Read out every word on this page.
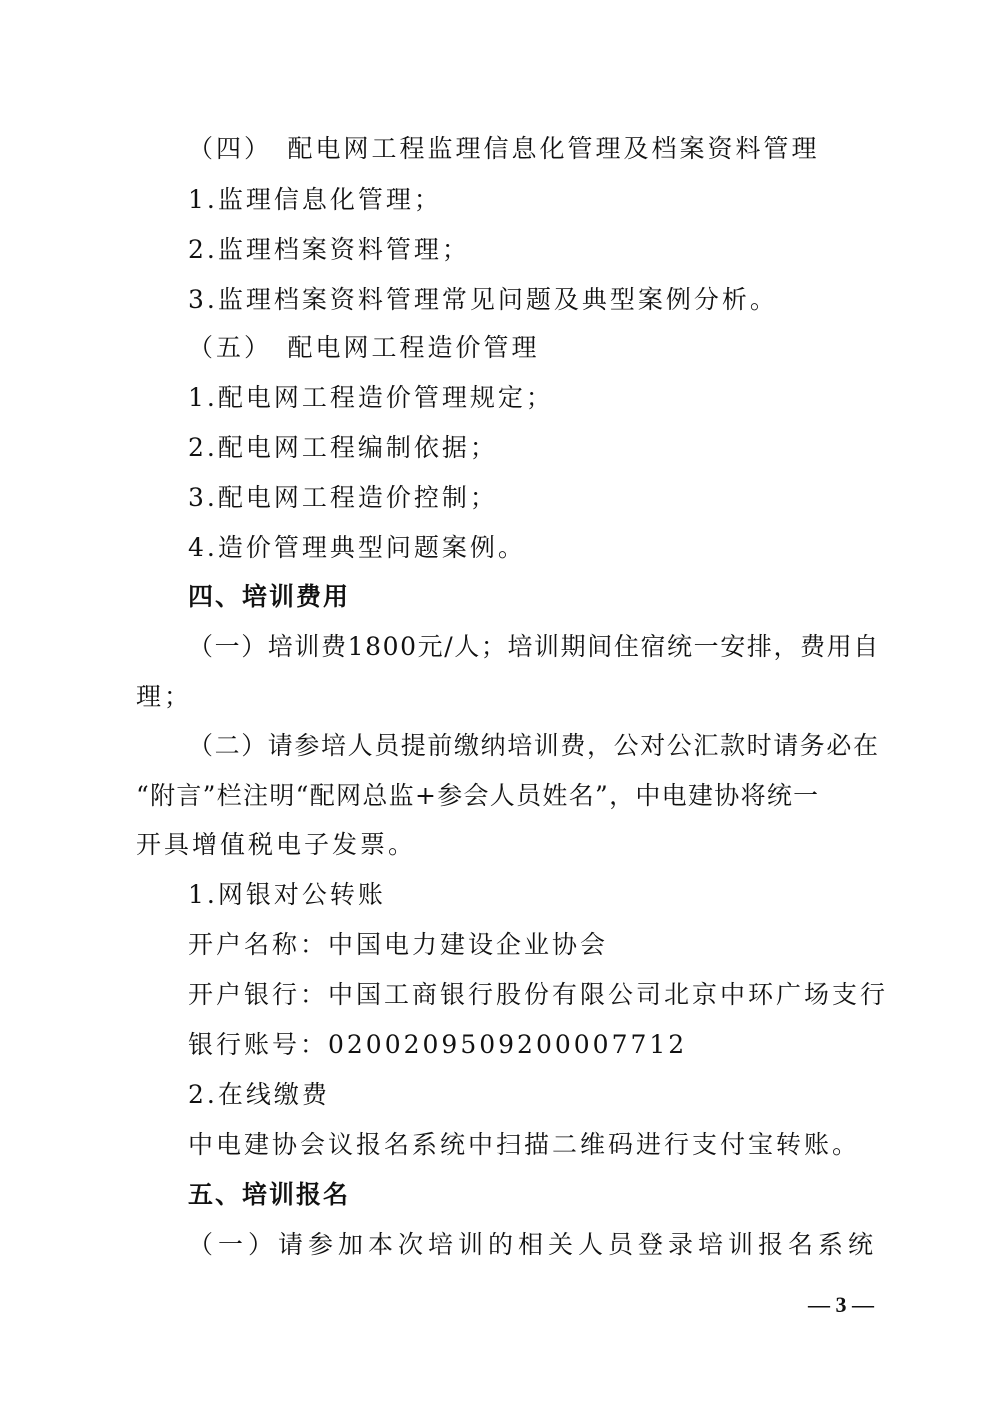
（四）　配电网工程监理信息化管理及档案资料管理
1.监理信息化管理；
2.监理档案资料管理；
3.监理档案资料管理常见问题及典型案例分析。
（五）　配电网工程造价管理
1.配电网工程造价管理规定；
2.配电网工程编制依据；
3.配电网工程造价控制；
4.造价管理典型问题案例。
四、培训费用
（一）培训费1800元/人；培训期间住宿统一安排，费用自
理；
（二）请参培人员提前缴纳培训费，公对公汇款时请务必在
“附言”栏注明“配网总监+参会人员姓名”，中电建协将统一
开具增值税电子发票。
1.网银对公转账
开户名称：中国电力建设企业协会
开户银行：中国工商银行股份有限公司北京中环广场支行
银行账号：0200209509200007712
2.在线缴费
中电建协会议报名系统中扫描二维码进行支付宝转账。
五、培训报名
（一）请参加本次培训的相关人员登录培训报名系统
— 3 —
